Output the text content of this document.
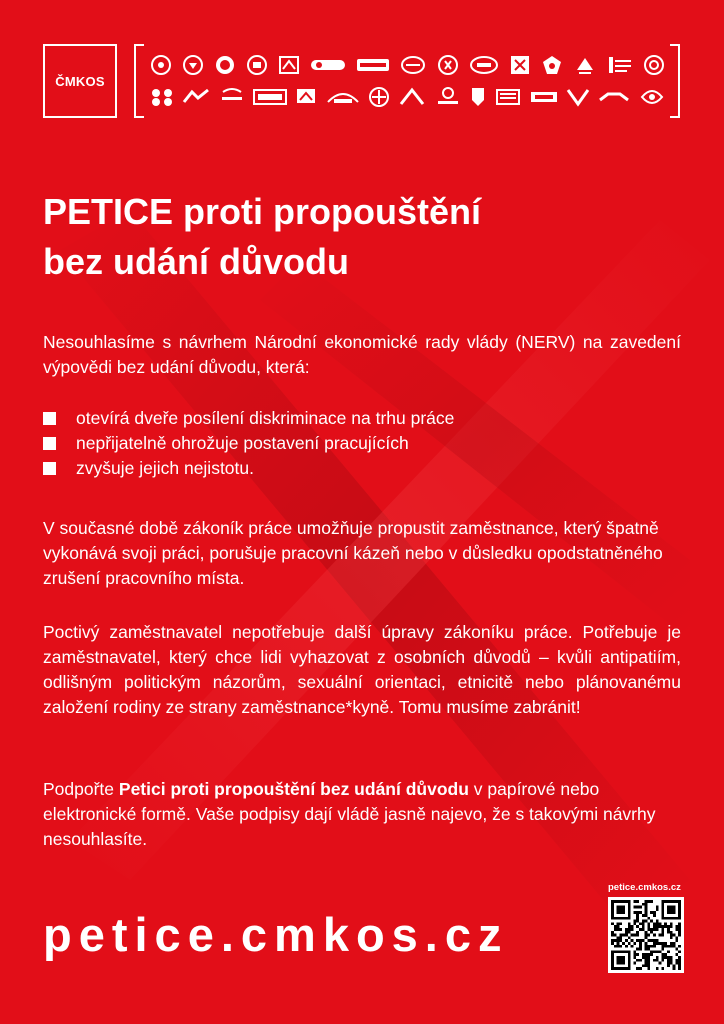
ČMKOS
PETICE proti propouštění
bez udání důvodu

Nesouhlasíme s návrhem Národní ekonomické rady vlády (NERV) na zavedení výpovědi bez udání důvodu, která:

otevírá dveře posílení diskriminace na trhu práce
nepřijatelně ohrožuje postavení pracujících
zvyšuje jejich nejistotu.

V současné době zákoník práce umožňuje propustit zaměstnance, který špatně vykonává svoji práci, porušuje pracovní kázeň nebo v důsledku opodstatněného zrušení pracovního místa.

Poctivý zaměstnavatel nepotřebuje další úpravy zákoníku práce. Potřebuje je zaměstnavatel, který chce lidi vyhazovat z osobních důvodů – kvůli antipatiím, odlišným politickým názorům, sexuální orientaci, etnicitě nebo plánovanému založení rodiny ze strany zaměstnance*kyně. Tomu musíme zabránit!

Podpořte Petici proti propouštění bez udání důvodu v papírové nebo elektronické formě. Vaše podpisy dají vládě jasně najevo, že s takovými návrhy nesouhlasíte.

petice.cmkos.cz
petice.cmkos.cz
